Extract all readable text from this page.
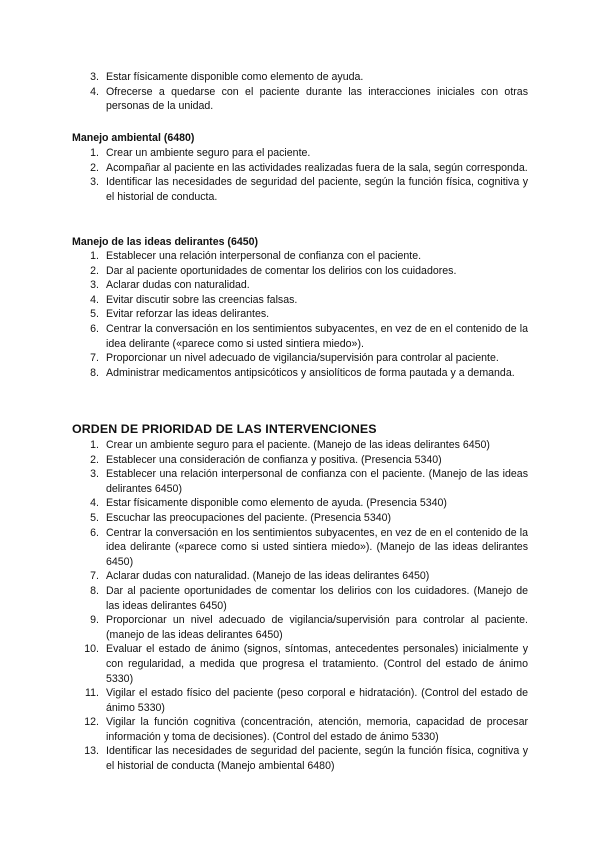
3. Estar físicamente disponible como elemento de ayuda.
4. Ofrecerse a quedarse con el paciente durante las interacciones iniciales con otras personas de la unidad.
Manejo ambiental (6480)
1. Crear un ambiente seguro para el paciente.
2. Acompañar al paciente en las actividades realizadas fuera de la sala, según corresponda.
3. Identificar las necesidades de seguridad del paciente, según la función física, cognitiva y el historial de conducta.
Manejo de las ideas delirantes (6450)
1. Establecer una relación interpersonal de confianza con el paciente.
2. Dar al paciente oportunidades de comentar los delirios con los cuidadores.
3. Aclarar dudas con naturalidad.
4. Evitar discutir sobre las creencias falsas.
5. Evitar reforzar las ideas delirantes.
6. Centrar la conversación en los sentimientos subyacentes, en vez de en el contenido de la idea delirante («parece como si usted sintiera miedo»).
7. Proporcionar un nivel adecuado de vigilancia/supervisión para controlar al paciente.
8. Administrar medicamentos antipsicóticos y ansiolíticos de forma pautada y a demanda.
ORDEN DE PRIORIDAD DE LAS INTERVENCIONES
1. Crear un ambiente seguro para el paciente. (Manejo de las ideas delirantes 6450)
2. Establecer una consideración de confianza y positiva. (Presencia 5340)
3. Establecer una relación interpersonal de confianza con el paciente. (Manejo de las ideas delirantes 6450)
4. Estar físicamente disponible como elemento de ayuda. (Presencia 5340)
5. Escuchar las preocupaciones del paciente. (Presencia 5340)
6. Centrar la conversación en los sentimientos subyacentes, en vez de en el contenido de la idea delirante («parece como si usted sintiera miedo»). (Manejo de las ideas delirantes 6450)
7. Aclarar dudas con naturalidad. (Manejo de las ideas delirantes 6450)
8. Dar al paciente oportunidades de comentar los delirios con los cuidadores. (Manejo de las ideas delirantes 6450)
9. Proporcionar un nivel adecuado de vigilancia/supervisión para controlar al paciente. (manejo de las ideas delirantes 6450)
10. Evaluar el estado de ánimo (signos, síntomas, antecedentes personales) inicialmente y con regularidad, a medida que progresa el tratamiento. (Control del estado de ánimo 5330)
11. Vigilar el estado físico del paciente (peso corporal e hidratación). (Control del estado de ánimo 5330)
12. Vigilar la función cognitiva (concentración, atención, memoria, capacidad de procesar información y toma de decisiones). (Control del estado de ánimo 5330)
13. Identificar las necesidades de seguridad del paciente, según la función física, cognitiva y el historial de conducta (Manejo ambiental 6480)
